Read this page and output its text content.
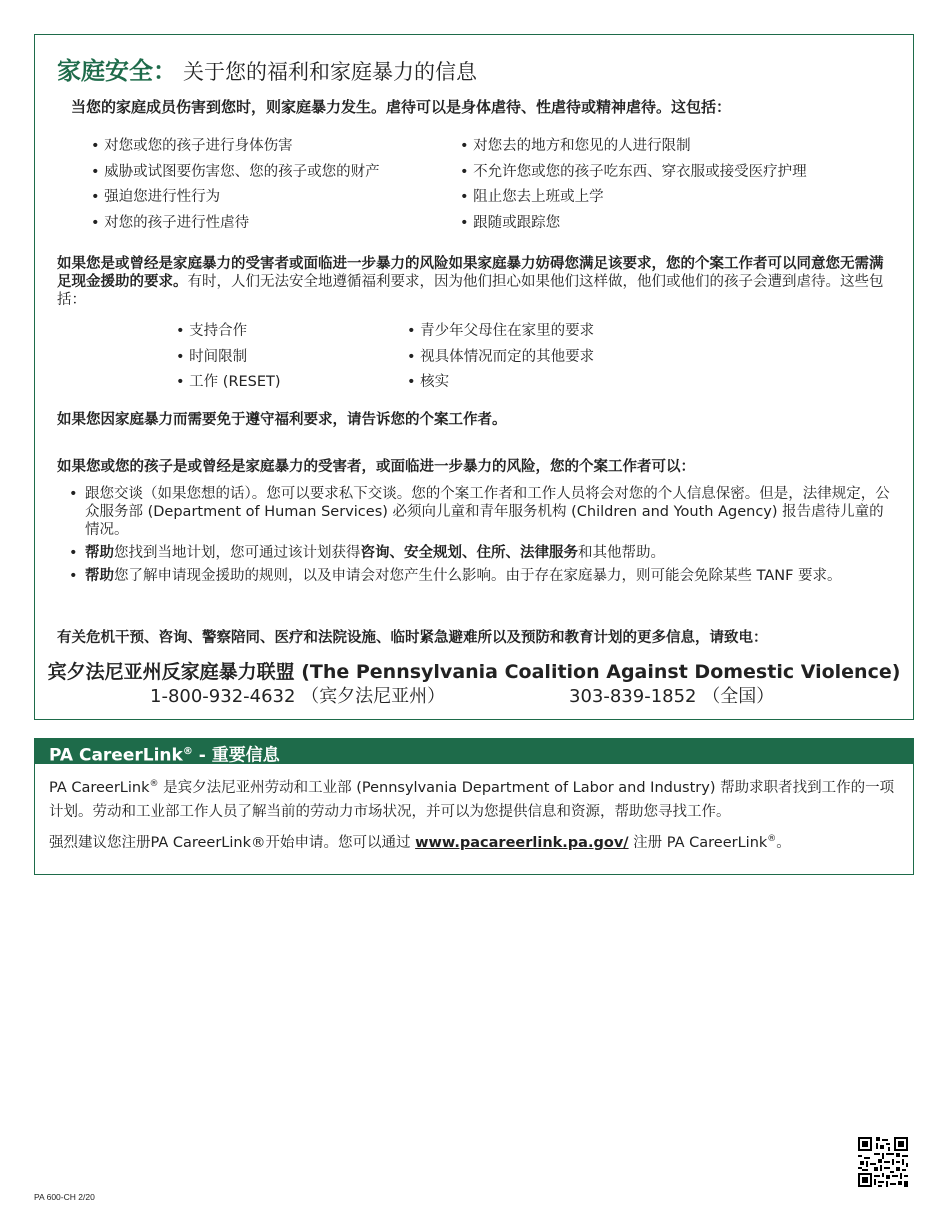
家庭安全： 关于您的福利和家庭暴力的信息
当您的家庭成员伤害到您时，则家庭暴力发生。虐待可以是身体虐待、性虐待或精神虐待。这包括：
• 对您或您的孩子进行身体伤害
• 威胁或试图要伤害您、您的孩子或您的财产
• 强迫您进行性行为
• 对您的孩子进行性虐待
• 对您去的地方和您见的人进行限制
• 不允许您或您的孩子吃东西、穿衣服或接受医疗护理
• 阻止您去上班或上学
• 跟随或跟踪您
如果您是或曾经是家庭暴力的受害者或面临进一步暴力的风险如果家庭暴力妨碍您满足该要求，您的个案工作者可以同意您无需满足现金援助的要求。有时，人们无法安全地遵循福利要求，因为他们担心如果他们这样做，他们或他们的孩子会遭到虐待。这些包括：
• 支持合作
• 时间限制
• 工作 (RESET)
• 青少年父母住在家里的要求
• 视具体情况而定的其他要求
• 核实
如果您因家庭暴力而需要免于遵守福利要求，请告诉您的个案工作者。
如果您或您的孩子是或曾经是家庭暴力的受害者，或面临进一步暴力的风险，您的个案工作者可以：
• 跟您交谈（如果您想的话）。您可以要求私下交谈。您的个案工作者和工作人员将会对您的个人信息保密。但是，法律规定，公众服务部 (Department of Human Services) 必须向儿童和青年服务机构 (Children and Youth Agency) 报告虐待儿童的情况。
• 帮助您找到当地计划，您可通过该计划获得咨询、安全规划、住所、法律服务和其他帮助。
• 帮助您了解申请现金援助的规则，以及申请会对您产生什么影响。由于存在家庭暴力，则可能会免除某些 TANF 要求。
有关危机干预、咨询、警察陪同、医疗和法院设施、临时紧急避难所以及预防和教育计划的更多信息，请致电：
宾夕法尼亚州反家庭暴力联盟 (The Pennsylvania Coalition Against Domestic Violence)
1-800-932-4632 （宾夕法尼亚州）	303-839-1852 （全国）
PA CareerLink® - 重要信息
PA CareerLink® 是宾夕法尼亚州劳动和工业部 (Pennsylvania Department of Labor and Industry) 帮助求职者找到工作的一项计划。劳动和工业部工作人员了解当前的劳动力市场状况，并可以为您提供信息和资源，帮助您寻找工作。
强烈建议您注册PA CareerLink®开始申请。您可以通过 www.pacareerlink.pa.gov/ 注册 PA CareerLink®。
PA 600-CH 2/20
